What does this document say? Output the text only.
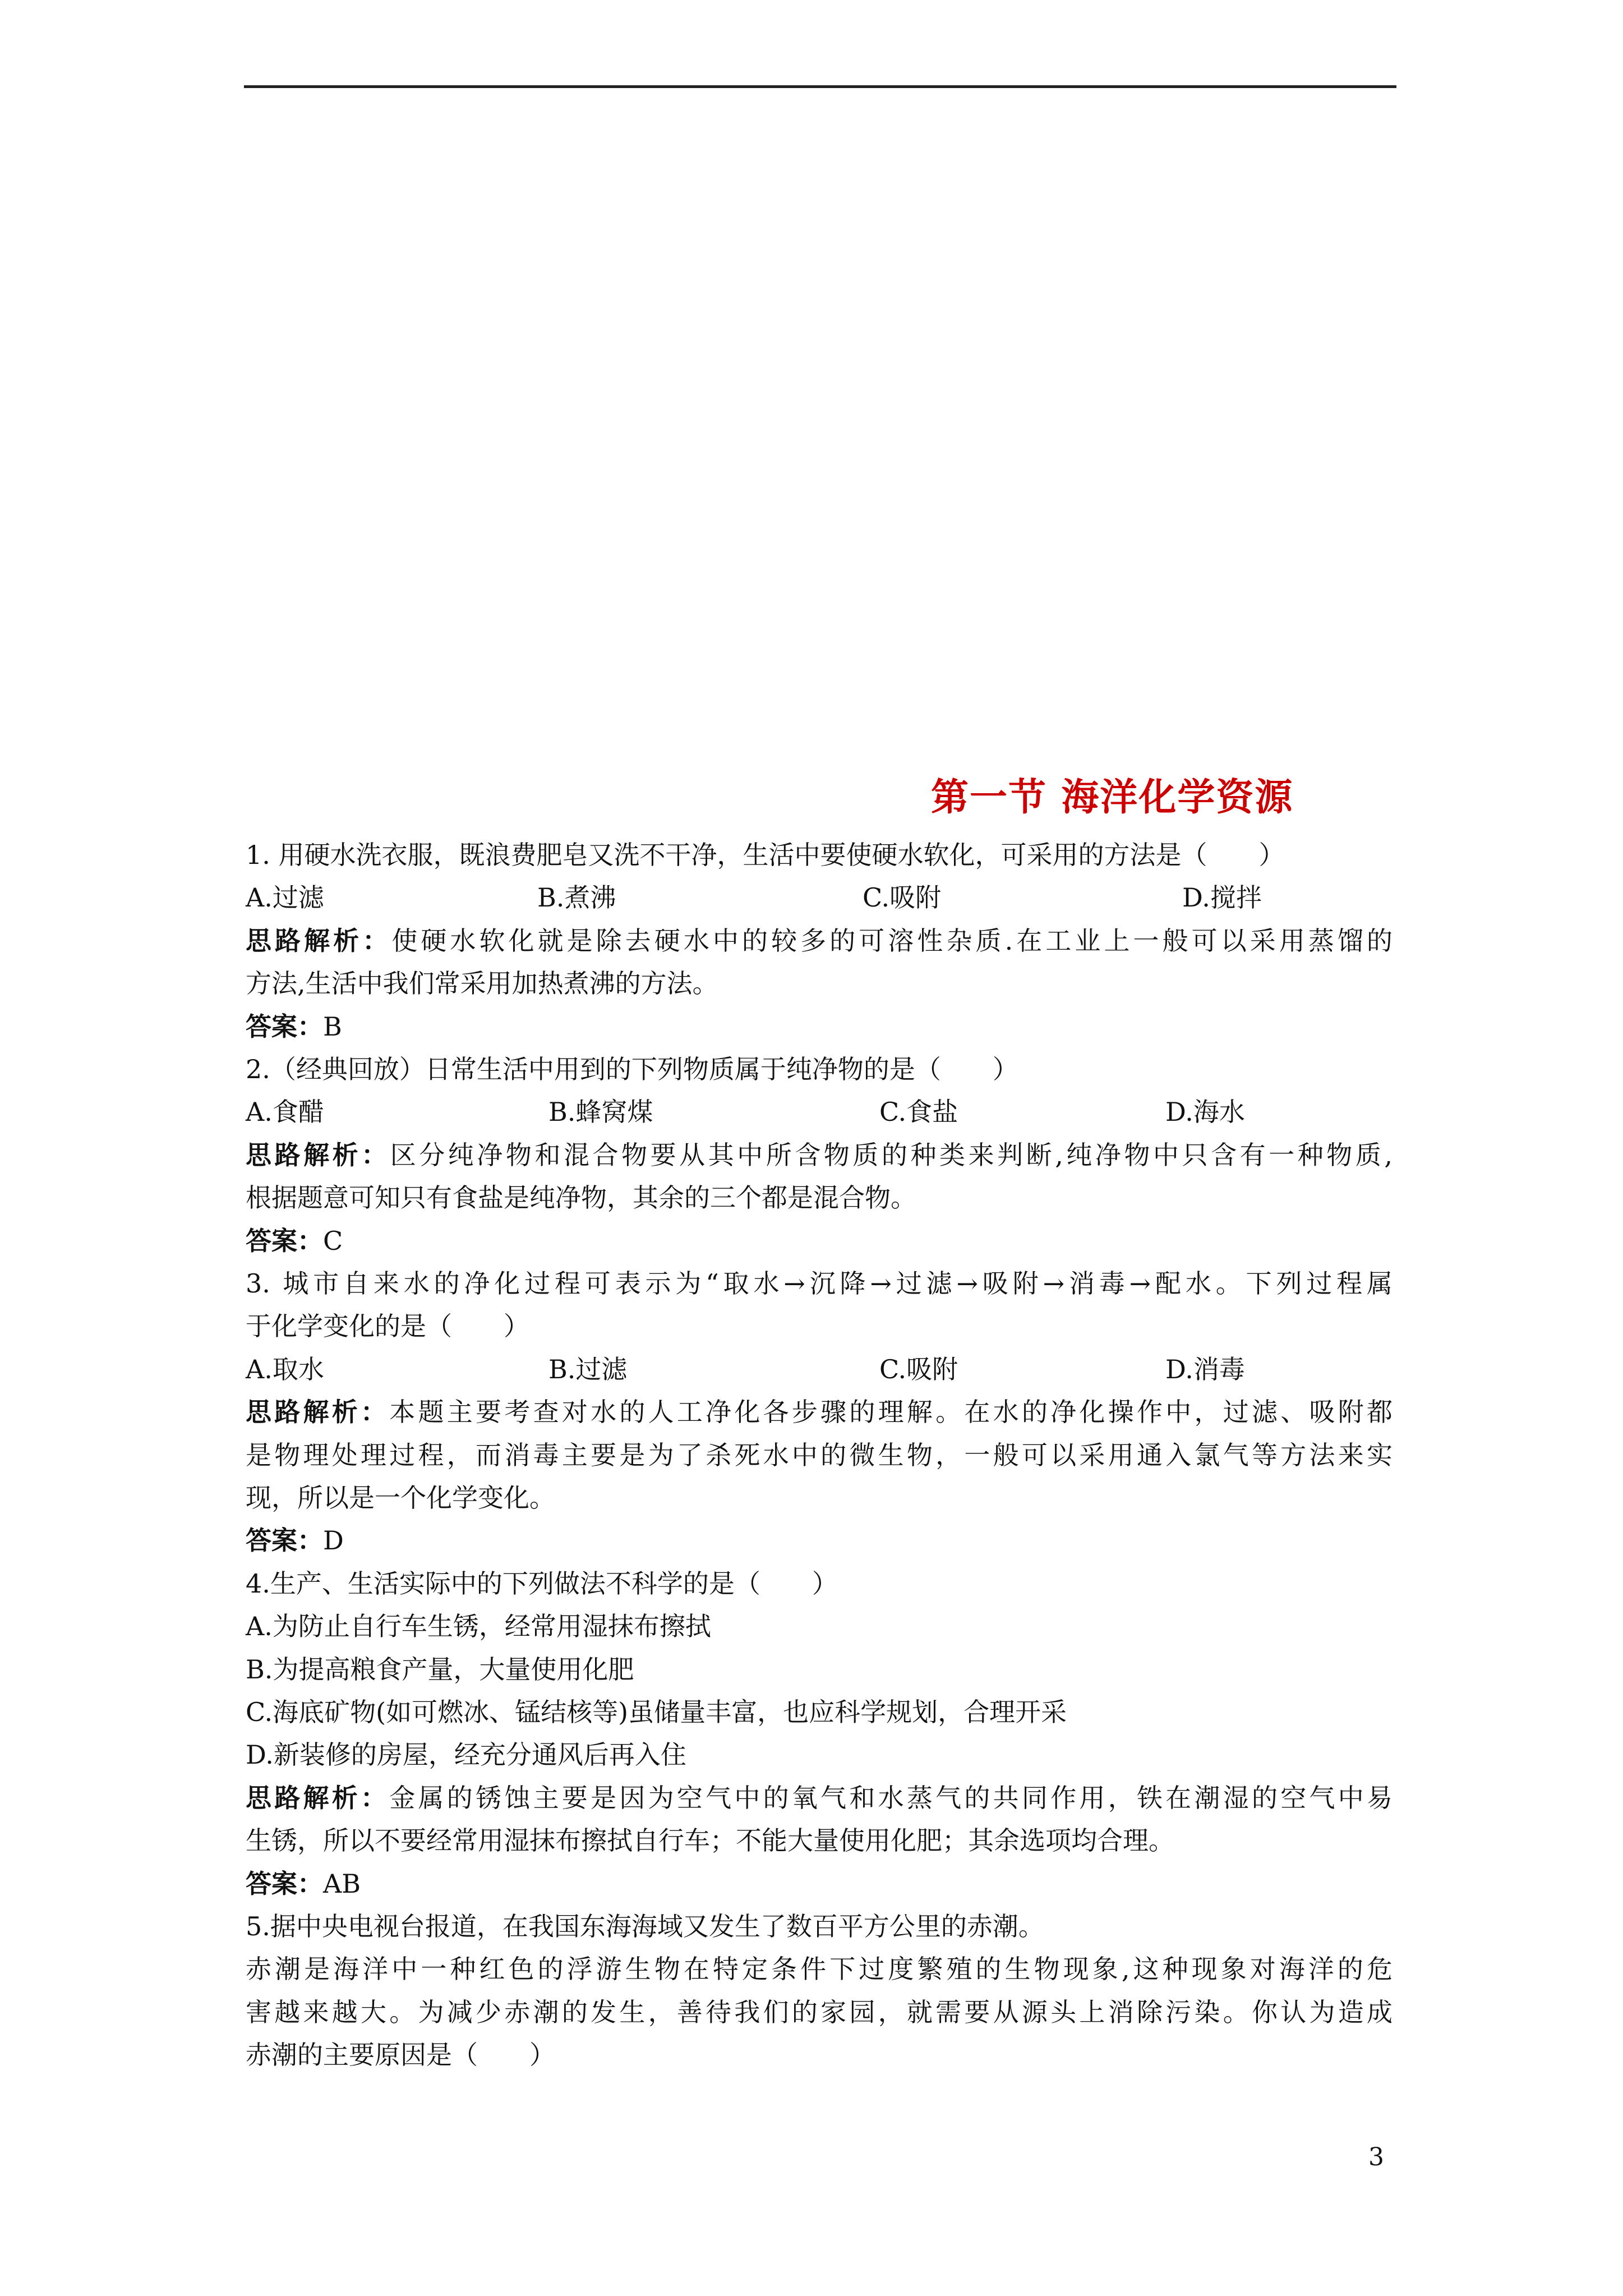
第一节 海洋化学资源
1. 用硬水洗衣服，既浪费肥皂又洗不干净，生活中要使硬水软化，可采用的方法是（　　）
A.过滤	B.煮沸	C.吸附	D.搅拌
思路解析：使硬水软化就是除去硬水中的较多的可溶性杂质.在工业上一般可以采用蒸馏的
方法,生活中我们常采用加热煮沸的方法。
答案：B
2.（经典回放）日常生活中用到的下列物质属于纯净物的是（　　）
A.食醋	B.蜂窝煤	C.食盐	D.海水
思路解析：区分纯净物和混合物要从其中所含物质的种类来判断,纯净物中只含有一种物质,
根据题意可知只有食盐是纯净物，其余的三个都是混合物。
答案：C
3. 城市自来水的净化过程可表示为“取水→沉降→过滤→吸附→消毒→配水。下列过程属
于化学变化的是（　　）
A.取水	B.过滤	C.吸附	D.消毒
思路解析：本题主要考查对水的人工净化各步骤的理解。在水的净化操作中，过滤、吸附都
是物理处理过程，而消毒主要是为了杀死水中的微生物，一般可以采用通入氯气等方法来实
现，所以是一个化学变化。
答案：D
4.生产、生活实际中的下列做法不科学的是（　　）
A.为防止自行车生锈，经常用湿抹布擦拭
B.为提高粮食产量，大量使用化肥
C.海底矿物(如可燃冰、锰结核等)虽储量丰富，也应科学规划，合理开采
D.新装修的房屋，经充分通风后再入住
思路解析：金属的锈蚀主要是因为空气中的氧气和水蒸气的共同作用，铁在潮湿的空气中易
生锈，所以不要经常用湿抹布擦拭自行车；不能大量使用化肥；其余选项均合理。
答案：AB
5.据中央电视台报道，在我国东海海域又发生了数百平方公里的赤潮。
赤潮是海洋中一种红色的浮游生物在特定条件下过度繁殖的生物现象,这种现象对海洋的危
害越来越大。为减少赤潮的发生，善待我们的家园，就需要从源头上消除污染。你认为造成
赤潮的主要原因是（　　）
3
